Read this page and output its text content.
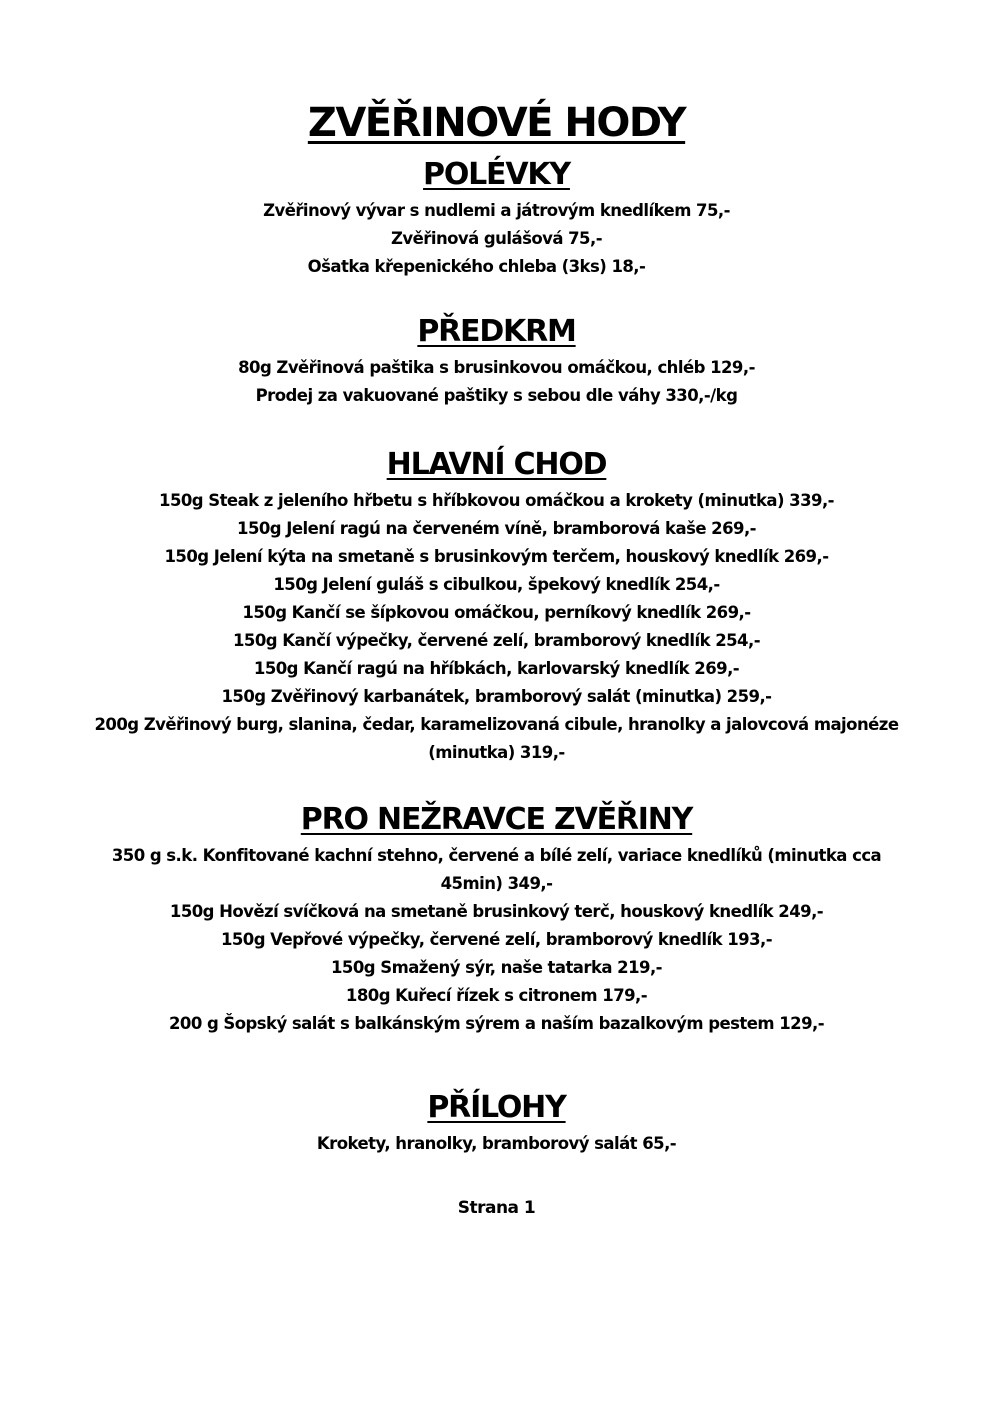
ZVĚŘINOVÉ HODY
POLÉVKY
Zvěřinový vývar s nudlemi a játrovým knedlíkem 75,-
Zvěřinová gulášová 75,-
Ošatka křepenického chleba (3ks) 18,-
PŘEDKRM
80g Zvěřinová paštika s brusinkovou omáčkou, chléb 129,-
Prodej za vakuované paštiky s sebou dle váhy 330,-/kg
HLAVNÍ CHOD
150g Steak z jeleního hřbetu s hříbkovou omáčkou a krokety (minutka) 339,-
150g Jelení ragú na červeném víně, bramborová kaše 269,-
150g Jelení kýta na smetaně s brusinkovým terčem, houskový knedlík 269,-
150g Jelení guláš s cibulkou, špekový knedlík 254,-
150g Kančí se šípkovou omáčkou, perníkový knedlík 269,-
150g Kančí výpečky, červené zelí, bramborový knedlík 254,-
150g Kančí ragú na hříbkách, karlovarský knedlík 269,-
150g Zvěřinový karbanátek, bramborový salát (minutka) 259,-
200g Zvěřinový burg, slanina, čedar, karamelizovaná cibule, hranolky a jalovcová majonéze (minutka) 319,-
PRO NEŽRAVCE ZVĚŘINY
350 g s.k. Konfitované kachní stehno, červené a bílé zelí, variace knedlíků (minutka cca 45min) 349,-
150g Hovězí svíčková na smetaně brusinkový terč, houskový knedlík 249,-
150g Vepřové výpečky, červené zelí, bramborový knedlík 193,-
150g Smažený sýr, naše tatarka 219,-
180g Kuřecí řízek s citronem 179,-
200 g Šopský salát s balkánským sýrem a naším bazalkovým pestem 129,-
PŘÍLOHY
Krokety, hranolky, bramborový salát 65,-
Strana 1
